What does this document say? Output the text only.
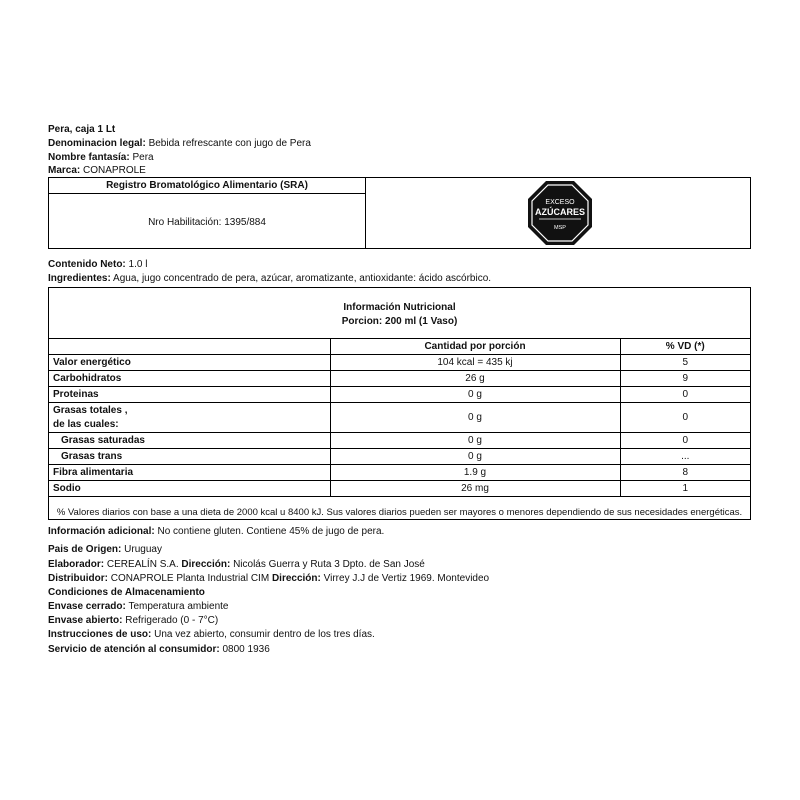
Pera, caja 1 Lt
Denominacion legal: Bebida refrescante con jugo de Pera
Nombre fantasía: Pera
Marca: CONAPROLE
Registro Bromatológico Alimentario (SRA)
Nro Habilitación: 1395/884
EXCESO
AZÚCARES
MSP
Contenido Neto: 1.0 l
Ingredientes: Agua, jugo concentrado de pera, azúcar, aromatizante, antioxidante: ácido ascórbico.
Información Nutricional
Porcion: 200 ml (1 Vaso)
	Cantidad por porción	% VD (*)
Valor energético	104 kcal = 435 kj	5
Carbohidratos	26 g	9
Proteinas	0 g	0

Grasas totales ,
de las cuales:	0 g	0
Grasas saturadas	0 g	0
Grasas trans	0 g	...
Fibra alimentaria	1.9 g	8
Sodio	26 mg	1
% Valores diarios con base a una dieta de 2000 kcal u 8400 kJ. Sus valores diarios pueden ser mayores o menores dependiendo de sus necesidades energéticas.
Información adicional: No contiene gluten. Contiene 45% de jugo de pera.
Pais de Origen: Uruguay
Elaborador: CEREALÍN S.A. Dirección: Nicolás Guerra y Ruta 3 Dpto. de San José
Distribuidor: CONAPROLE Planta Industrial CIM Dirección: Virrey J.J de Vertiz 1969. Montevideo
Condiciones de Almacenamiento
Envase cerrado: Temperatura ambiente
Envase abierto: Refrigerado (0 - 7°C)
Instrucciones de uso: Una vez abierto, consumir dentro de los tres días.
Servicio de atención al consumidor: 0800 1936
